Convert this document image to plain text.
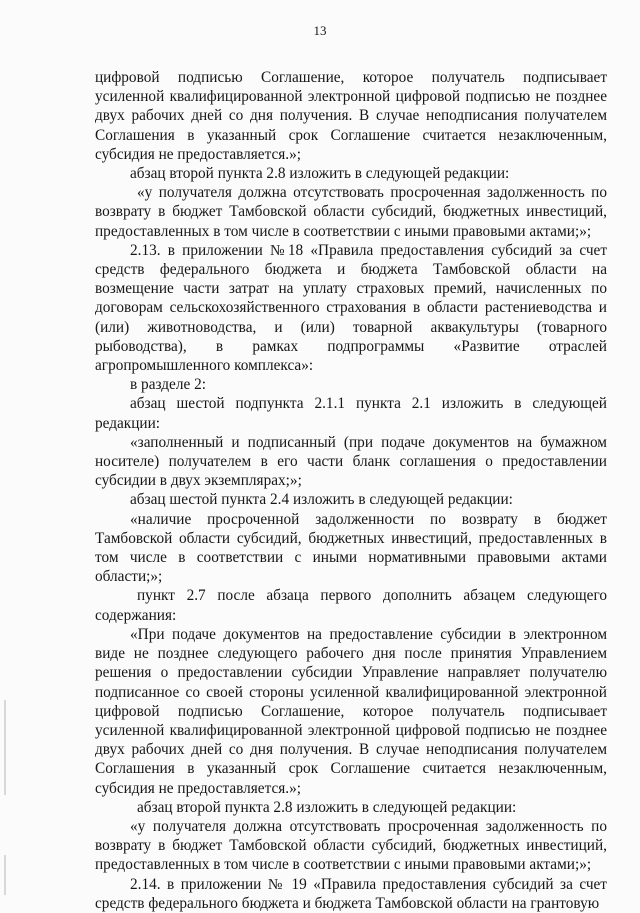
13

цифровой подписью Соглашение, которое получатель подписывает усиленной квалифицированной электронной цифровой подписью не позднее двух рабочих дней со дня получения. В случае неподписания получателем Соглашения в указанный срок Соглашение считается незаключенным, субсидия не предоставляется.»;

абзац второй пункта 2.8 изложить в следующей редакции:

«у получателя должна отсутствовать просроченная задолженность по возврату в бюджет Тамбовской области субсидий, бюджетных инвестиций, предоставленных в том числе в соответствии с иными правовыми актами;»;

2.13. в приложении №18 «Правила предоставления субсидий за счет средств федерального бюджета и бюджета Тамбовской области на возмещение части затрат на уплату страховых премий, начисленных по договорам сельскохозяйственного страхования в области растениеводства и (или) животноводства, и (или) товарной аквакультуры (товарного рыбоводства), в рамках подпрограммы «Развитие отраслей агропромышленного комплекса»:

в разделе 2:

абзац шестой подпункта 2.1.1 пункта 2.1 изложить в следующей редакции:

«заполненный и подписанный (при подаче документов на бумажном носителе) получателем в его части бланк соглашения о предоставлении субсидии в двух экземплярах;»;

абзац шестой пункта 2.4 изложить в следующей редакции:

«наличие просроченной задолженности по возврату в бюджет Тамбовской области субсидий, бюджетных инвестиций, предоставленных в том числе в соответствии с иными нормативными правовыми актами области;»;

пункт 2.7 после абзаца первого дополнить абзацем следующего содержания:

«При подаче документов на предоставление субсидии в электронном виде не позднее следующего рабочего дня после принятия Управлением решения о предоставлении субсидии Управление направляет получателю подписанное со своей стороны усиленной квалифицированной электронной цифровой подписью Соглашение, которое получатель подписывает усиленной квалифицированной электронной цифровой подписью не позднее двух рабочих дней со дня получения. В случае неподписания получателем Соглашения в указанный срок Соглашение считается незаключенным, субсидия не предоставляется.»;

абзац второй пункта 2.8 изложить в следующей редакции:

«у получателя должна отсутствовать просроченная задолженность по возврату в бюджет Тамбовской области субсидий, бюджетных инвестиций, предоставленных в том числе в соответствии с иными правовыми актами;»;

2.14. в приложении № 19 «Правила предоставления субсидий за счет средств федерального бюджета и бюджета Тамбовской области на грантовую
